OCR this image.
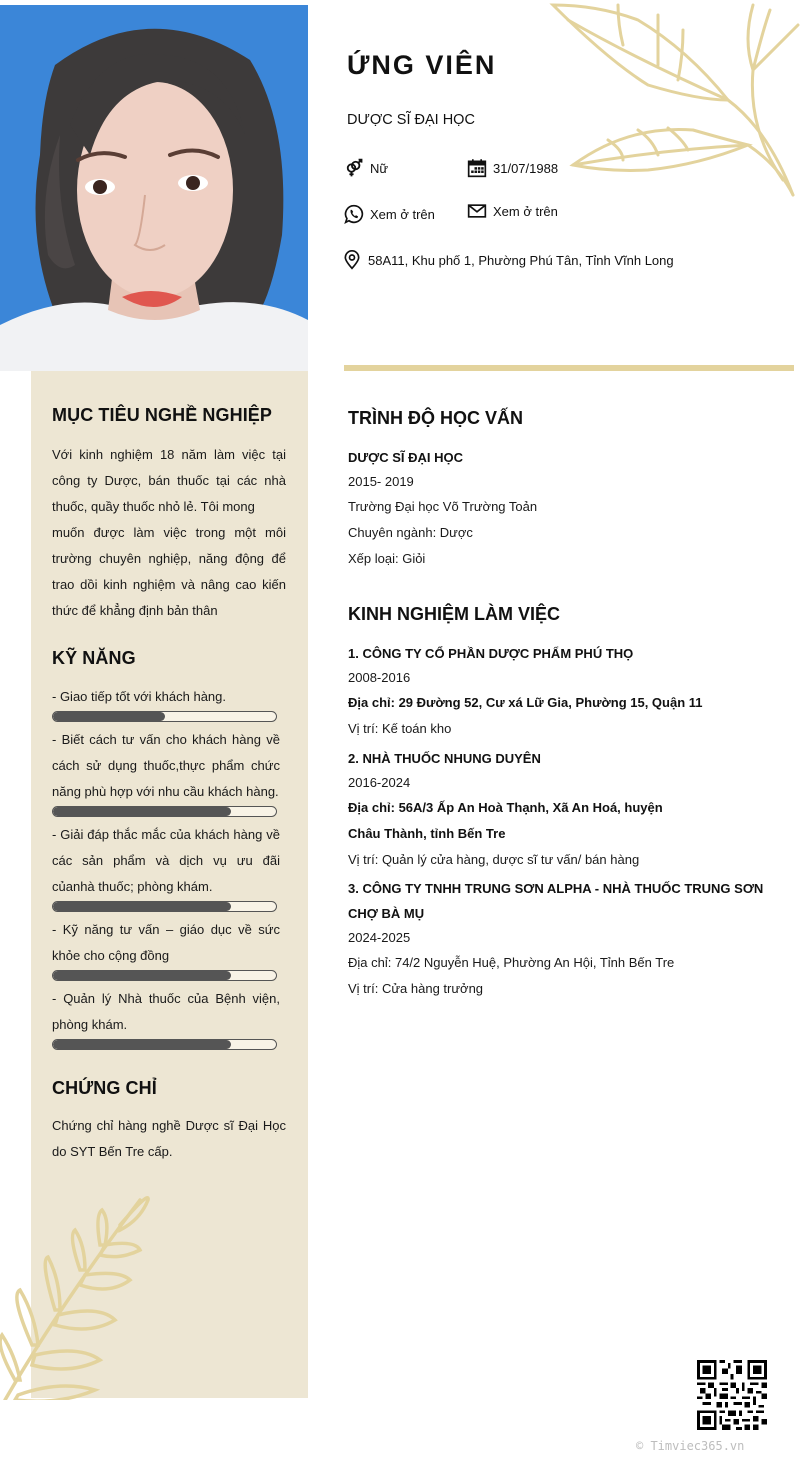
ỨNG VIÊN
DƯỢC SĨ ĐẠI HỌC
Nữ	31/07/1988
Xem ở trên	Xem ở trên
58A11, Khu phố 1, Phường Phú Tân, Tỉnh Vĩnh Long
MỤC TIÊU NGHỀ NGHIỆP
Với kinh nghiệm 18 năm làm việc tại
công ty Dược, bán thuốc tại các nhà
thuốc, quầy thuốc nhỏ lẻ. Tôi mong
muốn được làm việc trong một môi
trường chuyên nghiệp, năng động để
trao dồi kinh nghiệm và nâng cao kiến
thức để khẳng định bản thân
KỸ NĂNG
- Giao tiếp tốt với khách hàng.
- Biết cách tư vấn cho khách hàng về cách sử dụng thuốc,thực phẩm chức năng phù hợp với nhu cầu khách hàng.
- Giải đáp thắc mắc của khách hàng về các sản phẩm và dịch vụ ưu đãi củanhà thuốc; phòng khám.
- Kỹ năng tư vấn – giáo dục về sức khỏe cho cộng đồng
- Quản lý Nhà thuốc của Bệnh viện, phòng khám.
CHỨNG CHỈ
Chứng chỉ hàng nghề Dược sĩ Đại Học do SYT Bến Tre cấp.
TRÌNH ĐỘ HỌC VẤN
DƯỢC SĨ ĐẠI HỌC
2015- 2019
Trường Đại học Võ Trường Toản
Chuyên ngành: Dược
Xếp loại: Giỏi
KINH NGHIỆM LÀM VIỆC
1. CÔNG TY CỔ PHẦN DƯỢC PHẨM PHÚ THỌ
2008-2016
Địa chỉ: 29 Đường 52, Cư xá Lữ Gia, Phường 15, Quận 11
Vị trí: Kế toán kho
2. NHÀ THUỐC NHUNG DUYÊN
2016-2024
Địa chỉ: 56A/3 Ấp An Hoà Thạnh, Xã An Hoá, huyện Châu Thành, tỉnh Bến Tre
Vị trí: Quản lý cửa hàng, dược sĩ tư vấn/ bán hàng
3. CÔNG TY TNHH TRUNG SƠN ALPHA - NHÀ THUỐC TRUNG SƠN CHỢ BÀ MỤ
2024-2025
Địa chỉ: 74/2 Nguyễn Huệ, Phường An Hội, Tỉnh Bến Tre
Vị trí: Cửa hàng trưởng
© Timviec365.vn
